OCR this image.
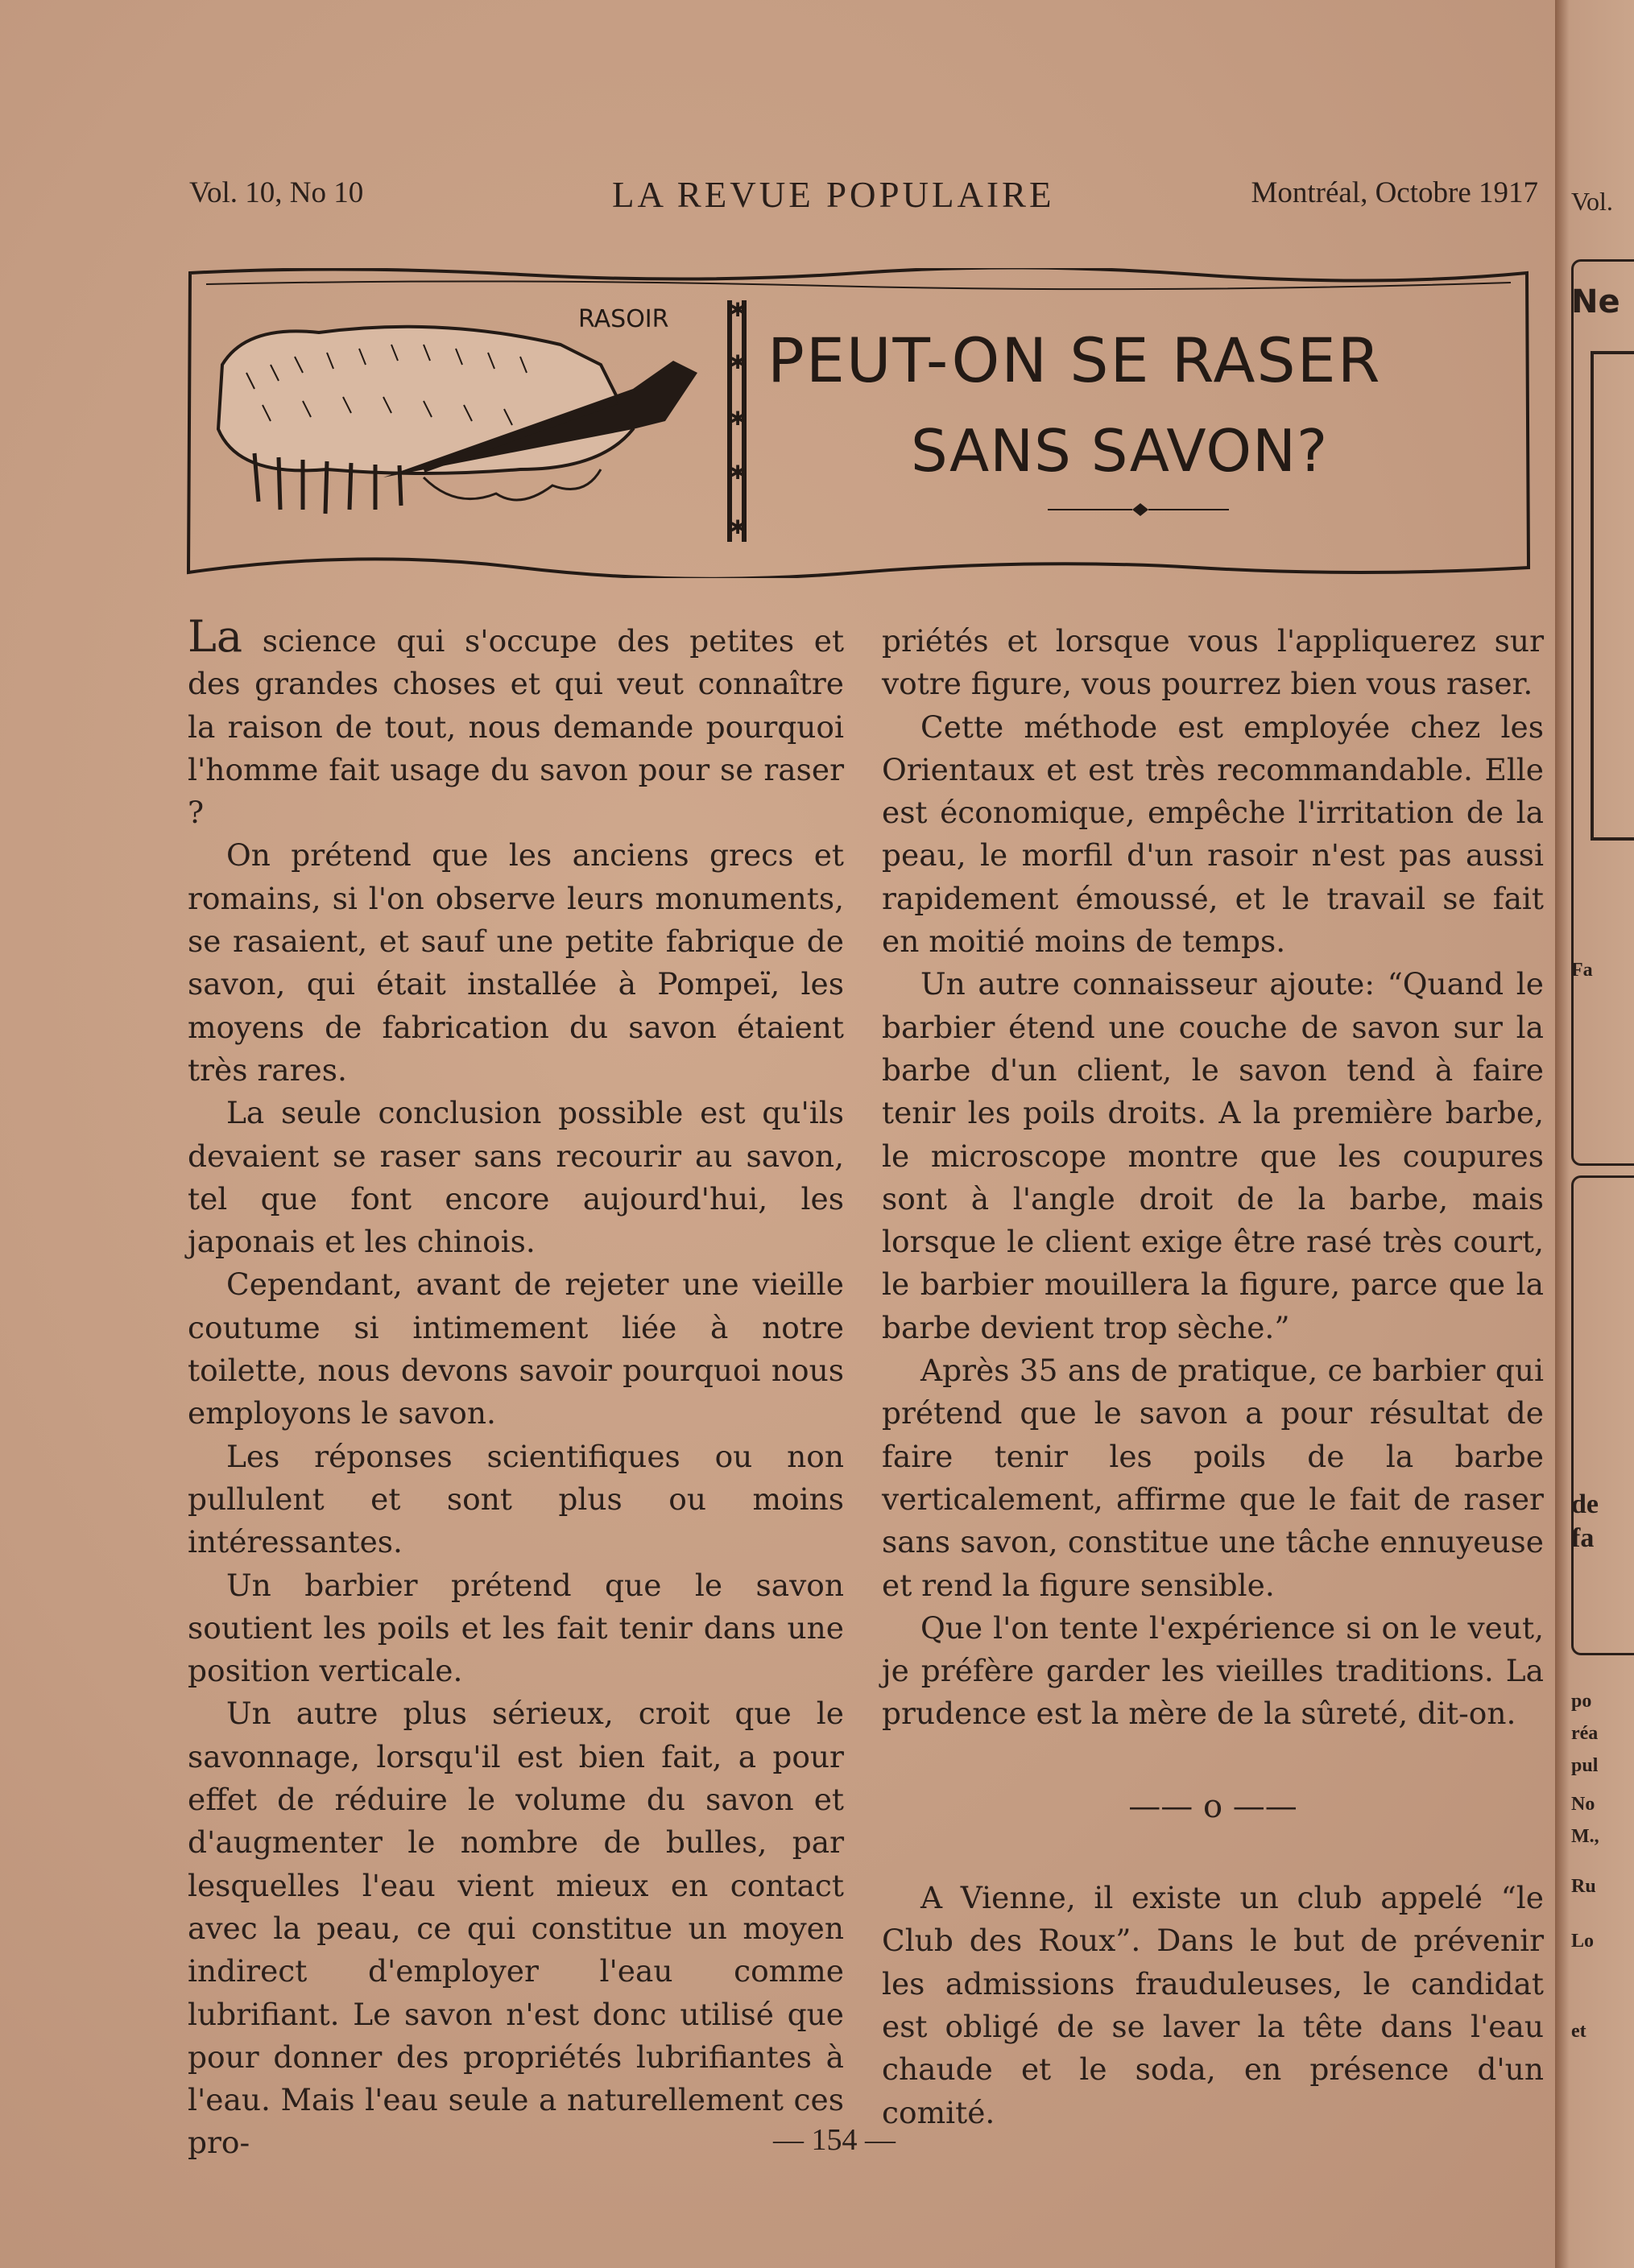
Vol. 10, No 10	LA REVUE POPULAIRE	Montréal, Octobre 1917
✱
✱
✱
✱
✱
RASOIR
PEUT-ON SE RASER
SANS SAVON?

La science qui s'occupe des petites et des grandes choses et qui veut connaître la raison de tout, nous demande pourquoi l'homme fait usage du savon pour se raser ?

On prétend que les anciens grecs et romains, si l'on observe leurs monuments, se rasaient, et sauf une petite fabrique de savon, qui était installée à Pompeï, les moyens de fabrication du savon étaient très rares.

La seule conclusion possible est qu'ils devaient se raser sans recourir au savon, tel que font encore aujourd'hui, les japonais et les chinois.

Cependant, avant de rejeter une vieille coutume si intimement liée à notre toilette, nous devons savoir pourquoi nous employons le savon.

Les réponses scientifiques ou non pullulent et sont plus ou moins intéressantes.

Un barbier prétend que le savon soutient les poils et les fait tenir dans une position verticale.

Un autre plus sérieux, croit que le savonnage, lorsqu'il est bien fait, a pour effet de réduire le volume du savon et d'augmenter le nombre de bulles, par lesquelles l'eau vient mieux en contact avec la peau, ce qui constitue un moyen indirect d'employer l'eau comme lubrifiant. Le savon n'est donc utilisé que pour donner des propriétés lubrifiantes à l'eau. Mais l'eau seule a naturellement ces pro-

priétés et lorsque vous l'appliquerez sur votre figure, vous pourrez bien vous raser.

Cette méthode est employée chez les Orientaux et est très recommandable. Elle est économique, empêche l'irritation de la peau, le morfil d'un rasoir n'est pas aussi rapidement émoussé, et le travail se fait en moitié moins de temps.

Un autre connaisseur ajoute: “Quand le barbier étend une couche de savon sur la barbe d'un client, le savon tend à faire tenir les poils droits. A la première barbe, le microscope montre que les coupures sont à l'angle droit de la barbe, mais lorsque le client exige être rasé très court, le barbier mouillera la figure, parce que la barbe devient trop sèche.”

Après 35 ans de pratique, ce barbier qui prétend que le savon a pour résultat de faire tenir les poils de la barbe verticalement, affirme que le fait de raser sans savon, constitue une tâche ennuyeuse et rend la figure sensible.

Que l'on tente l'expérience si on le veut, je préfère garder les vieilles traditions. La prudence est la mère de la sûreté, dit-on.

—— o ——

A Vienne, il existe un club appelé “le Club des Roux”. Dans le but de prévenir les admissions frauduleuses, le candidat est obligé de se laver la tête dans l'eau chaude et le soda, en présence d'un comité.

— 154 —
Vol.
Ne
Fa
de
fa
po
réa
pul
No
M.,
Ru
Lo
et
